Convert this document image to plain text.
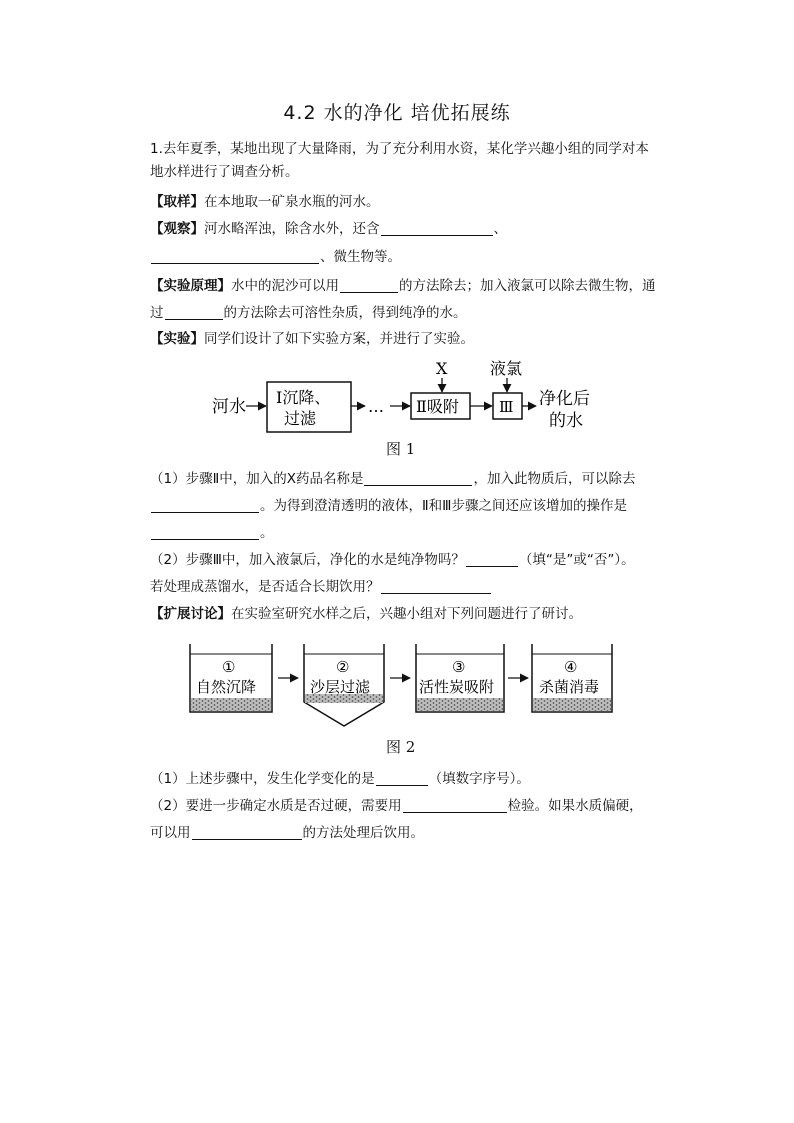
4.2 水的净化 培优拓展练
1.去年夏季，某地出现了大量降雨，为了充分利用水资，某化学兴趣小组的同学对本
地水样进行了调查分析。
【取样】在本地取一矿泉水瓶的河水。
【观察】河水略浑浊，除含水外，还含	、
、微生物等。
【实验原理】水中的泥沙可以用	的方法除去；加入液氯可以除去微生物，通
过	的方法除去可溶性杂质，得到纯净的水。
【实验】同学们设计了如下实验方案，并进行了实验。
河水 Ⅰ沉降、
过滤
… Ⅱ吸附
X
Ⅲ
液氯
净化后
的水
图 1
（1）步骤Ⅱ中，加入的X药品名称是	，加入此物质后，可以除去
。为得到澄清透明的液体，Ⅱ和Ⅲ步骤之间还应该增加的操作是
。
（2）步骤Ⅲ中，加入液氯后，净化的水是纯净物吗？	（填“是”或“否”）。
若处理成蒸馏水，是否适合长期饮用？
【扩展讨论】在实验室研究水样之后，兴趣小组对下列问题进行了研讨。
①
自然沉降
②
沙层过滤
③
活性炭吸附
④
杀菌消毒
图 2
（1）上述步骤中，发生化学变化的是	（填数字序号）。
（2）要进一步确定水质是否过硬，需要用	检验。如果水质偏硬，
可以用	的方法处理后饮用。
